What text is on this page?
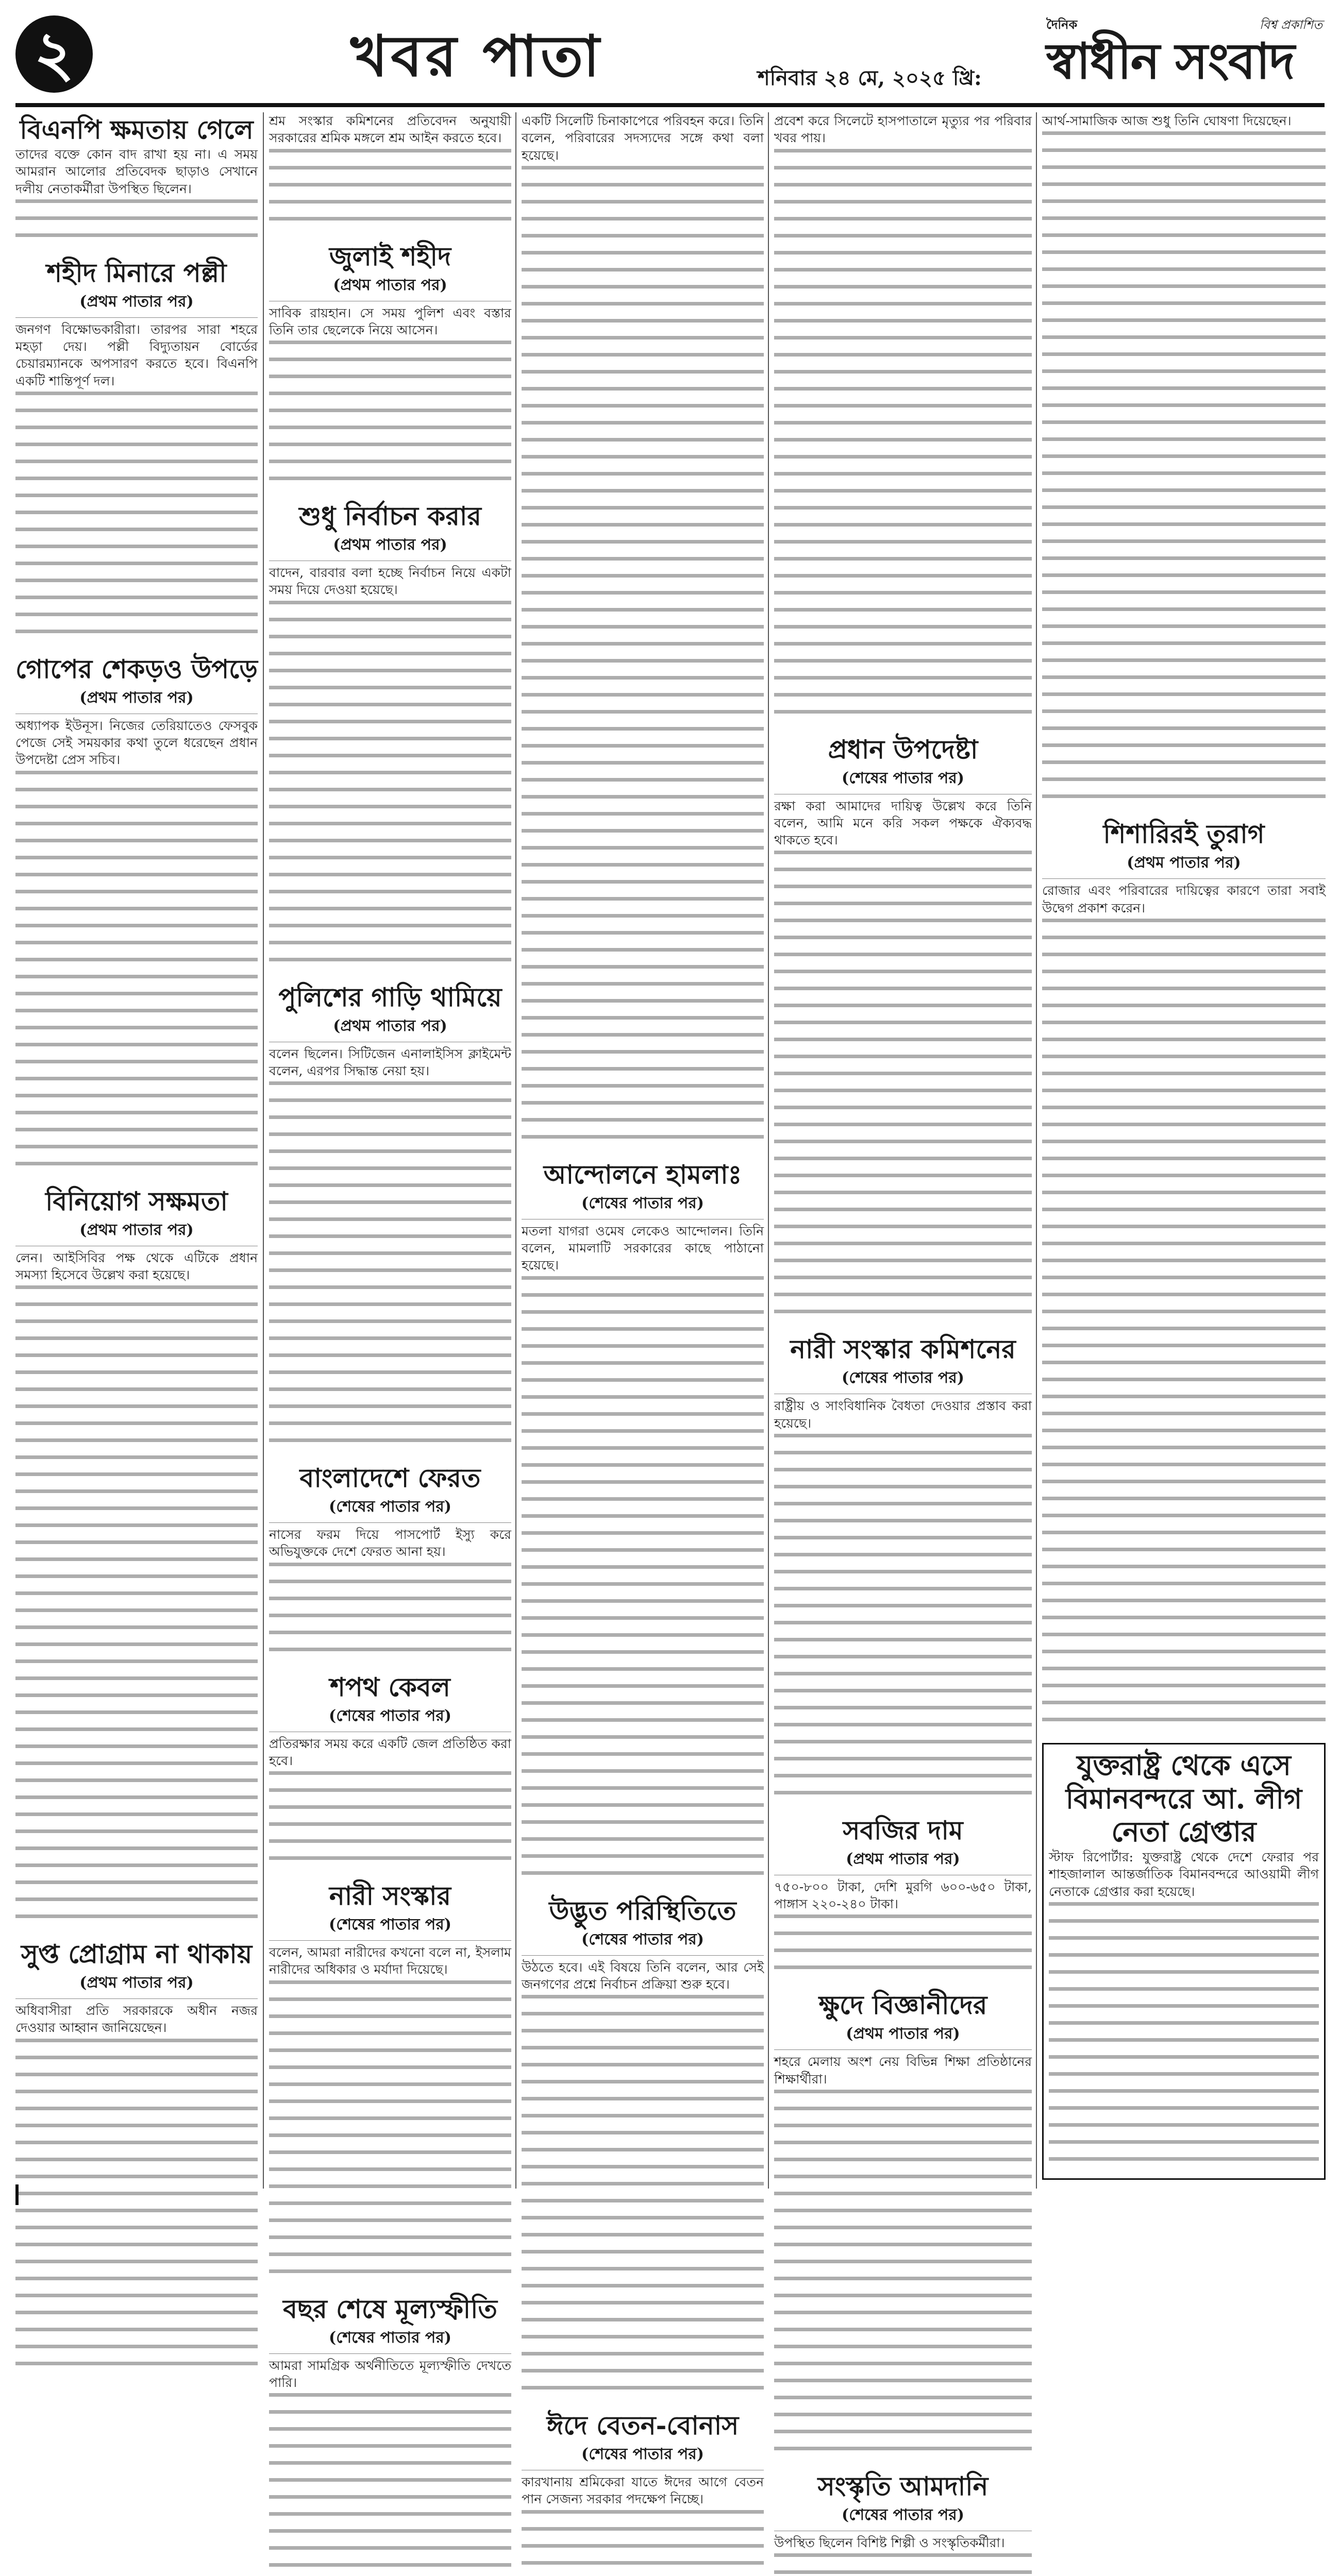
২	খবর পাতা	শনিবার ২৪ মে, ২০২৫ খ্রি:
দৈনিক	বিশ্ব প্রকাশিত
স্বাধীন সংবাদ
বিএনপি ক্ষমতায় গেলে

তাদের বক্তে কোন বাদ রাখা হয় না। এ সময় আমরান আলোর প্রতিবেদক ছাড়াও সেখানে দলীয় নেতাকর্মীরা উপস্থিত ছিলেন।

শহীদ মিনারে পল্লী
(প্রথম পাতার পর)

জনগণ বিক্ষোভকারীরা। তারপর সারা শহরে মহড়া দেয়। পল্লী বিদ্যুতায়ন বোর্ডের চেয়ারম্যানকে অপসারণ করতে হবে। বিএনপি একটি শান্তিপূর্ণ দল।

গোপের শেকড়ও উপড়ে
(প্রথম পাতার পর)

অধ্যাপক ইউনূস। নিজের তেরিয়াতেও ফেসবুক পেজে সেই সময়কার কথা তুলে ধরেছেন প্রধান উপদেষ্টা প্রেস সচিব।

বিনিয়োগ সক্ষমতা
(প্রথম পাতার পর)

লেন। আইসিবির পক্ষ থেকে এটিকে প্রধান সমস্যা হিসেবে উল্লেখ করা হয়েছে।

সুপ্ত প্রোগ্রাম না থাকায়
(প্রথম পাতার পর)

অধিবাসীরা প্রতি সরকারকে অধীন নজর দেওয়ার আহ্বান জানিয়েছেন।

শ্রম সংস্কার কমিশনের প্রতিবেদন অনুযায়ী সরকারের শ্রমিক মঙ্গলে শ্রম আইন করতে হবে।

জুলাই শহীদ
(প্রথম পাতার পর)

সাবিক রায়হান। সে সময় পুলিশ এবং বস্তার তিনি তার ছেলেকে নিয়ে আসেন।

শুধু নির্বাচন করার
(প্রথম পাতার পর)

বাদেন, বারবার বলা হচ্ছে নির্বাচন নিয়ে একটা সময় দিয়ে দেওয়া হয়েছে।

পুলিশের গাড়ি থামিয়ে
(প্রথম পাতার পর)

বলেন ছিলেন। সিটিজেন এনালাইসিস ক্লাইমেন্ট বলেন, এরপর সিদ্ধান্ত নেয়া হয়।

বাংলাদেশে ফেরত
(শেষের পাতার পর)

নাসের ফরম দিয়ে পাসপোর্ট ইস্যু করে অভিযুক্তকে দেশে ফেরত আনা হয়।

শপথ কেবল
(শেষের পাতার পর)

প্রতিরক্ষার সময় করে একটি জেল প্রতিষ্ঠিত করা হবে।

নারী সংস্কার
(শেষের পাতার পর)

বলেন, আমরা নারীদের কখনো বলে না, ইসলাম নারীদের অধিকার ও মর্যাদা দিয়েছে।

বছর শেষে মূল্যস্ফীতি
(শেষের পাতার পর)

আমরা সামগ্রিক অর্থনীতিতে মূল্যস্ফীতি দেখতে পারি।

একটি সিলেটি চিনাকাপেরে পরিবহন করে। তিনি বলেন, পরিবারের সদস্যদের সঙ্গে কথা বলা হয়েছে।

আন্দোলনে হামলাঃ
(শেষের পাতার পর)

মতলা যাগরা ওমেষ লেকেও আন্দোলন। তিনি বলেন, মামলাটি সরকারের কাছে পাঠানো হয়েছে।

উদ্ভুত পরিস্থিতিতে
(শেষের পাতার পর)

উঠতে হবে। এই বিষয়ে তিনি বলেন, আর সেই জনগণের প্রশ্নে নির্বাচন প্রক্রিয়া শুরু হবে।

ঈদে বেতন-বোনাস
(শেষের পাতার পর)

কারখানায় শ্রমিকেরা যাতে ঈদের আগে বেতন পান সেজন্য সরকার পদক্ষেপ নিচ্ছে।

প্রবেশ করে সিলেটে হাসপাতালে মৃত্যুর পর পরিবার খবর পায়।

প্রধান উপদেষ্টা
(শেষের পাতার পর)

রক্ষা করা আমাদের দায়িত্ব উল্লেখ করে তিনি বলেন, আমি মনে করি সকল পক্ষকে ঐক্যবদ্ধ থাকতে হবে।

নারী সংস্কার কমিশনের
(শেষের পাতার পর)

রাষ্ট্রীয় ও সাংবিধানিক বৈধতা দেওয়ার প্রস্তাব করা হয়েছে।

সবজির দাম
(প্রথম পাতার পর)

৭৫০-৮০০ টাকা, দেশি মুরগি ৬০০-৬৫০ টাকা, পাঙ্গাস ২২০-২৪০ টাকা।

ক্ষুদে বিজ্ঞানীদের
(প্রথম পাতার পর)

শহরে মেলায় অংশ নেয় বিভিন্ন শিক্ষা প্রতিষ্ঠানের শিক্ষার্থীরা।

সংস্কৃতি আমদানি
(শেষের পাতার পর)

উপস্থিত ছিলেন বিশিষ্ট শিল্পী ও সংস্কৃতিকর্মীরা।

আর্থ-সামাজিক আজ শুধু তিনি ঘোষণা দিয়েছেন।

শিশারিরই তুরাগ
(প্রথম পাতার পর)

রোজার এবং পরিবারের দায়িত্বের কারণে তারা সবাই উদ্বেগ প্রকাশ করেন।

যুক্তরাষ্ট্র থেকে এসে বিমানবন্দরে আ. লীগ নেতা গ্রেপ্তার

স্টাফ রিপোর্টার: যুক্তরাষ্ট্র থেকে দেশে ফেরার পর শাহজালাল আন্তর্জাতিক বিমানবন্দরে আওয়ামী লীগ নেতাকে গ্রেপ্তার করা হয়েছে।
